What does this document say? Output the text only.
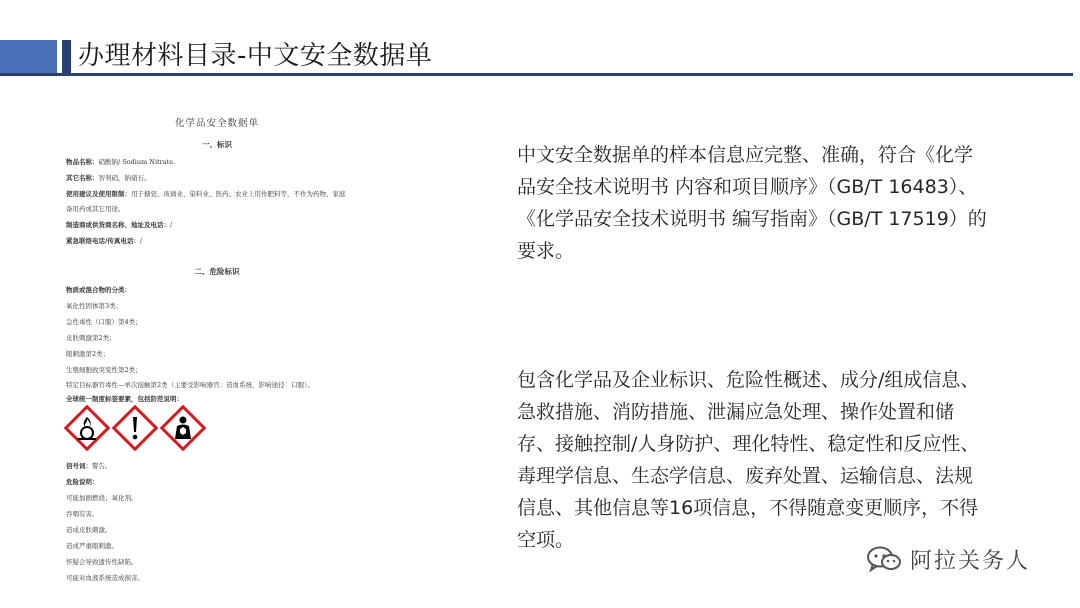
办理材料目录-中文安全数据单
化学品安全数据单
一、标识
物品名称：硝酸钠/ Sodium Nitrate.
其它名称：智利硝，钠硝石。
使用建议及使用限制：用于搪瓷、玻璃业、染料业、医药、农业上用作肥料等，不作为药物、家庭
备用药或其它用途。
制造商或供货商名称、地址及电话：/
紧急联络电话/传真电话：/
二、危险标识
物质或混合物的分类：
氧化性固体第3类；
急性毒性（口服）第4类；
皮肤刺激第2类；
眼刺激第2类；
生殖细胞致突变性第2类；
特定目标器官毒性—单次接触第2类（主要受影响器官：造血系统，影响途径：口服）。
全球统一制度标签要素，包括防范说明：
信号词：警告。
危险说明：
可能加剧燃烧；氧化剂。
吞咽有害。
造成皮肤刺激。
造成严重眼刺激。
怀疑会导致遗传性缺陷。
可能对血液系统造成损害。
中文安全数据单的样本信息应完整、准确，符合《化学品安全技术说明书 内容和项目顺序》（GB/T 16483）、《化学品安全技术说明书 编写指南》（GB/T 17519）的要求。
包含化学品及企业标识、危险性概述、成分/组成信息、急救措施、消防措施、泄漏应急处理、操作处置和储存、接触控制/人身防护、理化特性、稳定性和反应性、毒理学信息、生态学信息、废弃处置、运输信息、法规信息、其他信息等16项信息，不得随意变更顺序，不得空项。
阿拉关务人
